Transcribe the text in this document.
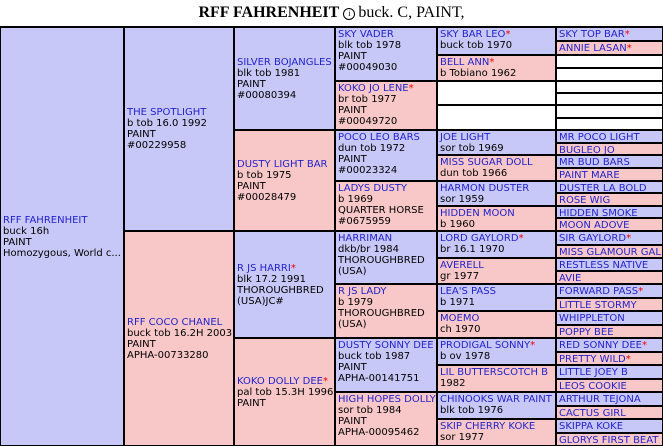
RFF FAHRENHEIT i buck. C, PAINT,
RFF FAHRENHEIT
buck 16h
PAINT
Homozygous, World c...
THE SPOTLIGHT
b tob 16.0 1992
PAINT
#00229958
RFF COCO CHANEL
buck tob 16.2H 2003
PAINT
APHA-00733280
SILVER BOJANGLES
blk tob 1981
PAINT
#00080394
DUSTY LIGHT BAR
b tob 1975
PAINT
#00028479
R JS HARRI*
blk 17.2 1991
THOROUGHBRED
(USA)JC#
KOKO DOLLY DEE*
pal tob 15.3H 1996
PAINT
SKY VADER
blk tob 1978
PAINT
#00049030
KOKO JO LENE*
br tob 1977
PAINT
#00049720
POCO LEO BARS
dun tob 1972
PAINT
#00023324
LADYS DUSTY
b 1969
QUARTER HORSE
#0675959
HARRIMAN
dkb/br 1984
THOROUGHBRED
(USA)
R JS LADY
b 1979
THOROUGHBRED
(USA)
DUSTY SONNY DEE
buck tob 1987
PAINT
APHA-00141751
HIGH HOPES DOLLY
sor tob 1984
PAINT
APHA-00095462
SKY BAR LEO*
buck tob 1970
BELL ANN*
b Tobiano 1962
JOE LIGHT
sor tob 1969
MISS SUGAR DOLL
dun tob 1966
HARMON DUSTER
sor 1959
HIDDEN MOON
b 1960
LORD GAYLORD*
br 16.1 1970
AVERELL
gr 1977
LEA'S PASS
b 1971
MOEMO
ch 1970
PRODIGAL SONNY*
b ov 1978
LIL BUTTERSCOTCH B
1982
CHINOOKS WAR PAINT
blk tob 1976
SKIP CHERRY KOKE
sor 1977
SKY TOP BAR*
ANNIE LASAN*
MR POCO LIGHT
BUGLEO JO
MR BUD BARS
PAINT MARE
DUSTER LA BOLD
ROSE WIG
HIDDEN SMOKE
MOON ADOVE
SIR GAYLORD*
MISS GLAMOUR GAL
RESTLESS NATIVE
AVIE
FORWARD PASS*
LITTLE STORMY
WHIPPLETON
POPPY BEE
RED SONNY DEE*
PRETTY WILD*
LITTLE JOEY B
LEOS COOKIE
ARTHUR TEJONA
CACTUS GIRL
SKIPPA KOKE
GLORYS FIRST BEAT
